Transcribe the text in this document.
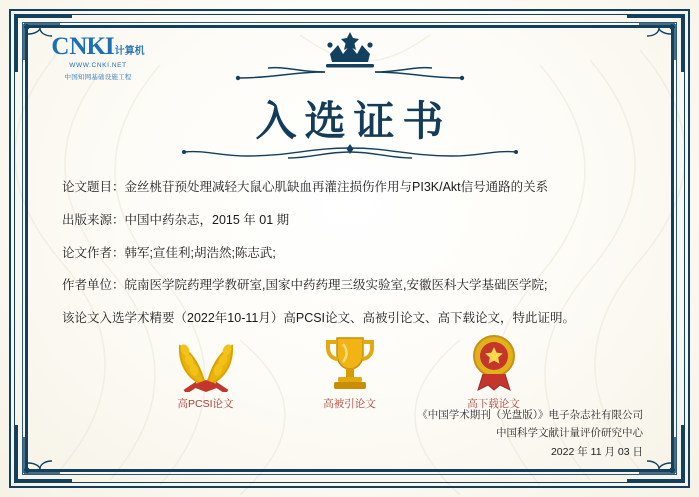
C NKI 计算机
WWW.CNKI.NET
中国知网基础设施工程
入选证书
论文题目：金丝桃苷预处理减轻大鼠心肌缺血再灌注损伤作用与PI3K/Akt信号通路的关系
出版来源：中国中药杂志，2015 年 01 期
论文作者：韩军;宣佳利;胡浩然;陈志武;
作者单位：皖南医学院药理学教研室,国家中药药理三级实验室,安徽医科大学基础医学院;
该论文入选学术精要（2022年10-11月）高PCSI论文、高被引论文、高下载论文，特此证明。
高PCSI论文	高被引论文	高下载论文
《中国学术期刊（光盘版）》电子杂志社有限公司
中国科学文献计量评价研究中心
2022 年 11 月 03 日
